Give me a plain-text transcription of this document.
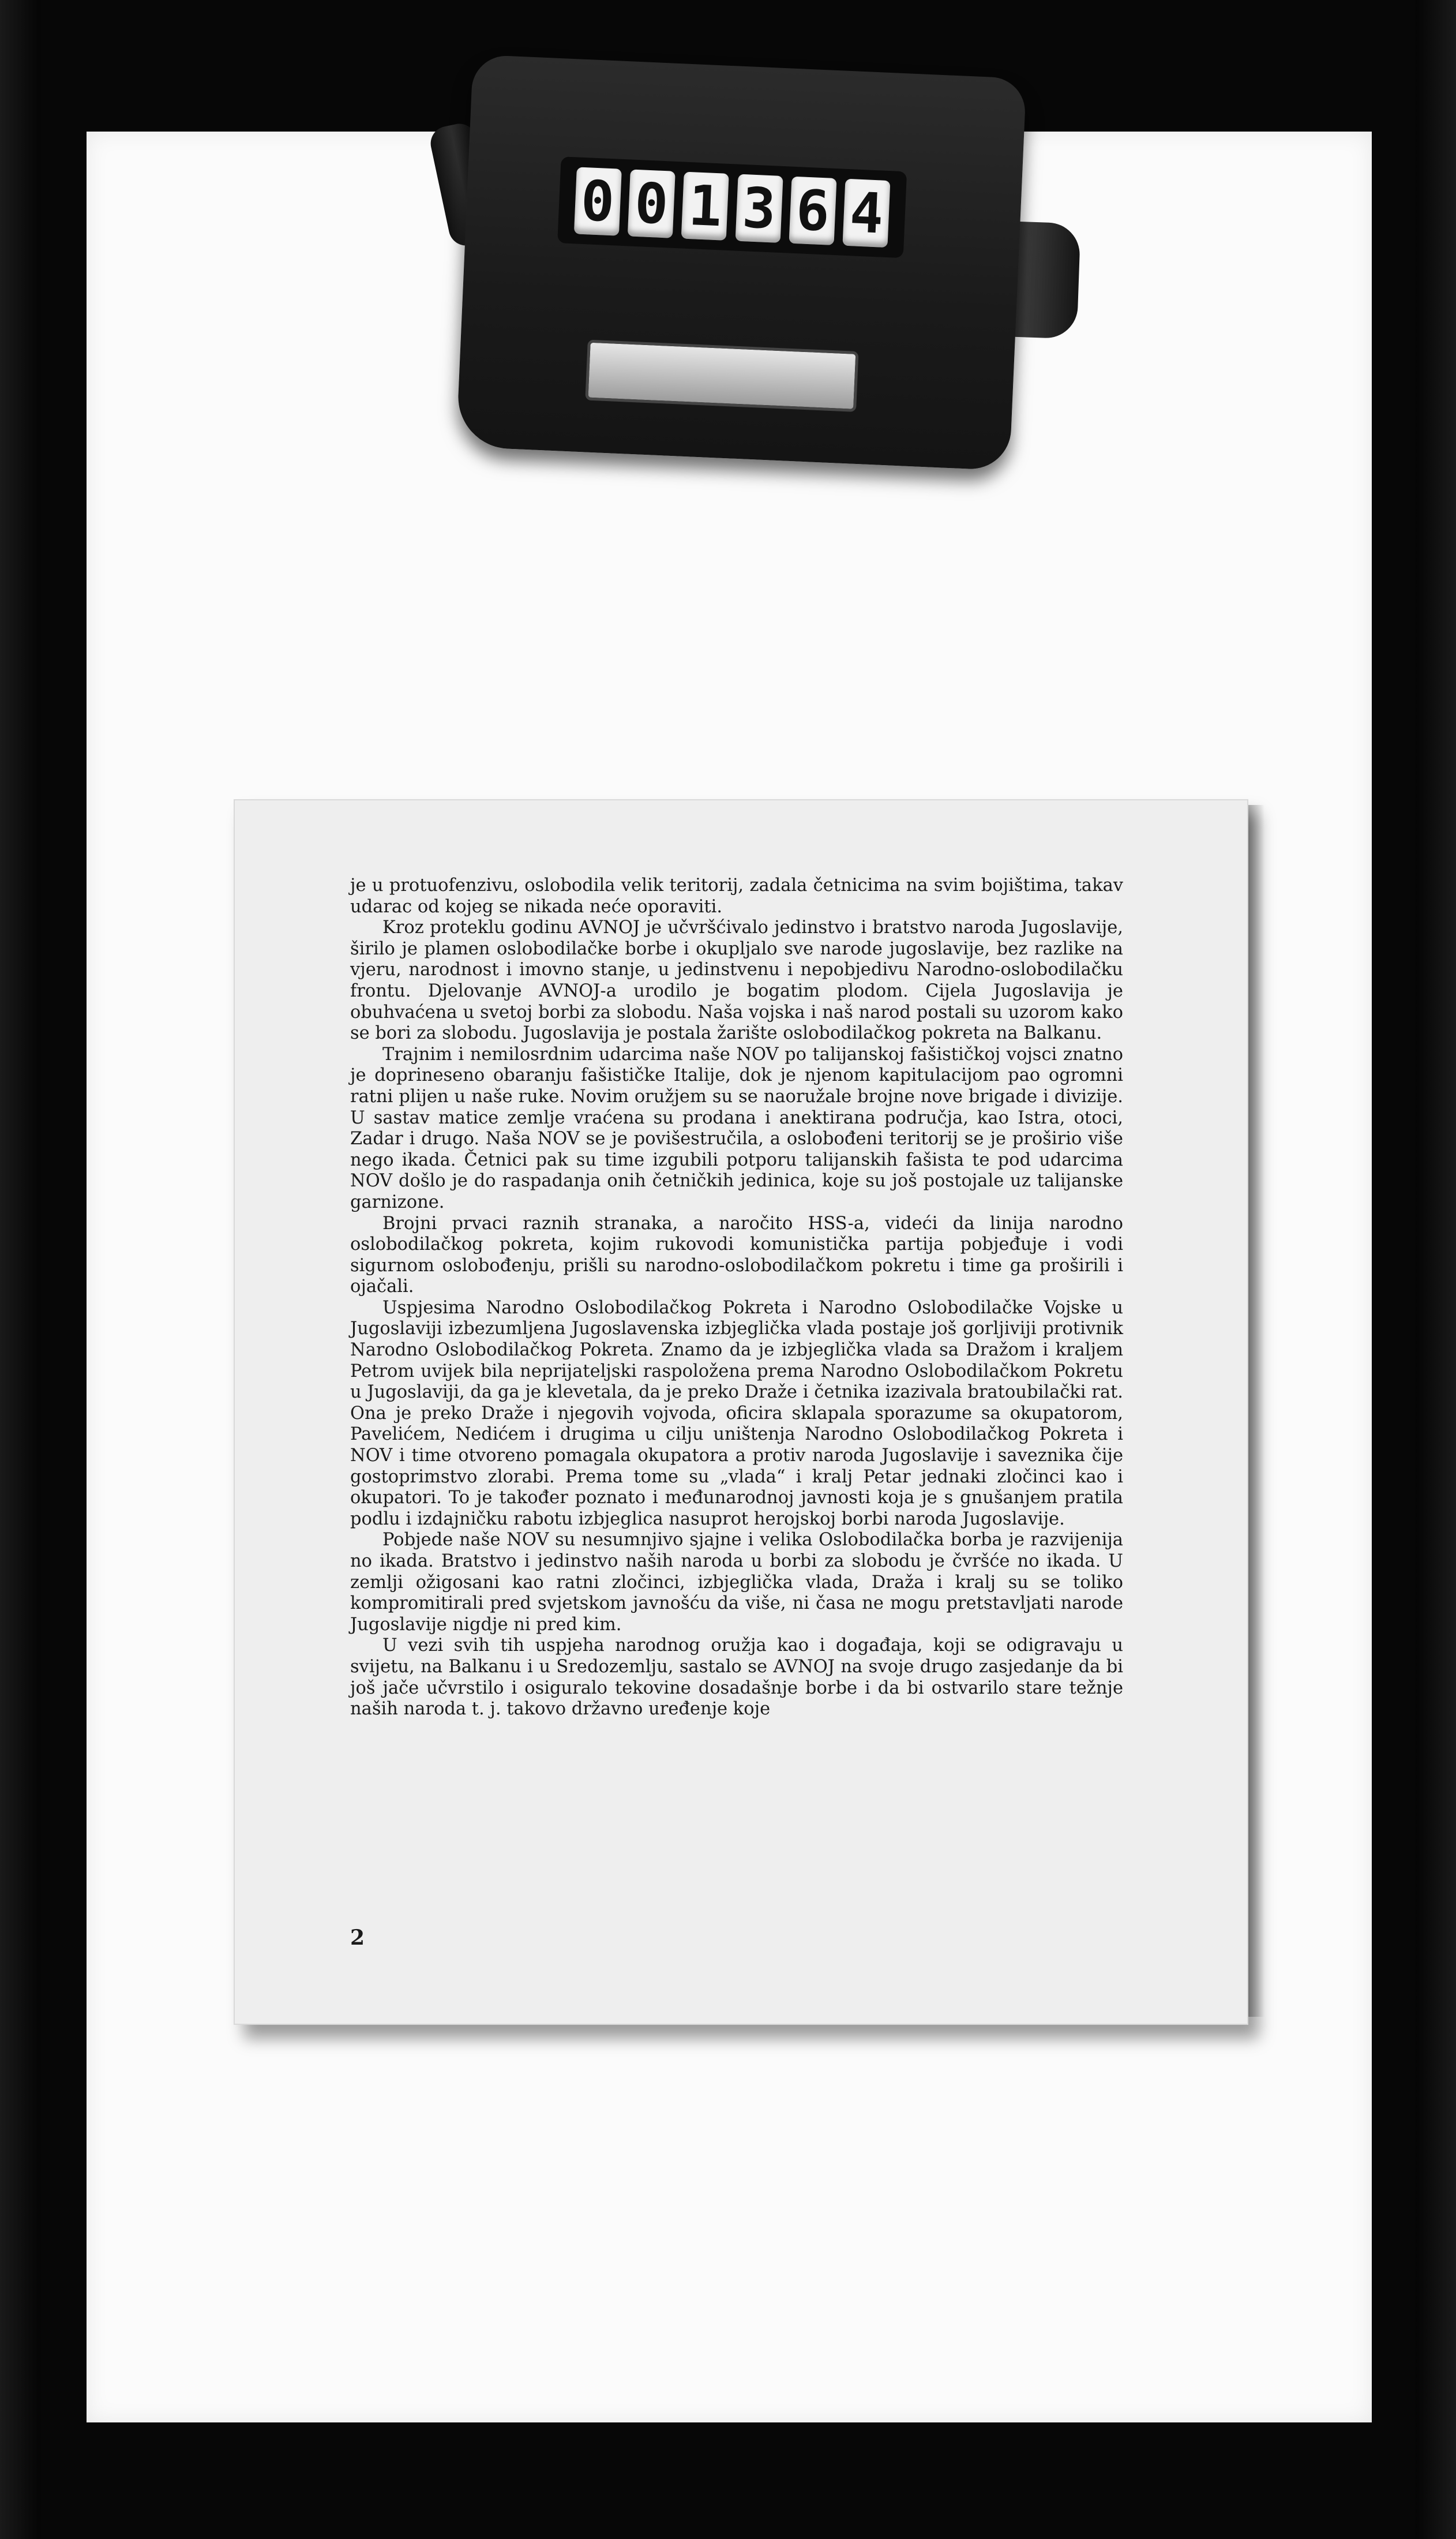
0 0 1 3 6 4

je u protuofenzivu, oslobodila velik teritorij, zadala četnicima na svim bojištima, takav udarac od kojeg se nikada neće oporaviti.

Kroz proteklu godinu AVNOJ je učvršćivalo jedinstvo i bratstvo naroda Jugoslavije, širilo je plamen oslobodilačke borbe i okupljalo sve narode jugoslavije, bez razlike na vjeru, narodnost i imovno stanje, u jedinstvenu i nepobjedivu Narodno-oslobodilačku frontu. Djelovanje AVNOJ-a urodilo je bogatim plodom. Cijela Jugoslavija je obuhvaćena u svetoj borbi za slobodu. Naša vojska i naš narod postali su uzorom kako se bori za slobodu. Jugoslavija je postala žarište oslobodilačkog pokreta na Balkanu.

Trajnim i nemilosrdnim udarcima naše NOV po talijanskoj fašističkoj vojsci znatno je doprineseno obaranju fašističke Italije, dok je njenom kapitulacijom pao ogromni ratni plijen u naše ruke. Novim oružjem su se naoružale brojne nove brigade i divizije. U sastav matice zemlje vraćena su prodana i anektirana područja, kao Istra, otoci, Zadar i drugo. Naša NOV se je povišestručila, a oslobođeni teritorij se je proširio više nego ikada. Četnici pak su time izgubili potporu talijanskih fašista te pod udarcima NOV došlo je do raspadanja onih četničkih jedinica, koje su još postojale uz talijanske garnizone.

Brojni prvaci raznih stranaka, a naročito HSS-a, videći da linija narodno oslobodilačkog pokreta, kojim rukovodi komunistička partija pobjeđuje i vodi sigurnom oslobođenju, prišli su narodno-oslobodilačkom pokretu i time ga proširili i ojačali.

Uspjesima Narodno Oslobodilačkog Pokreta i Narodno Oslobodilačke Vojske u Jugoslaviji izbezumljena Jugoslavenska izbjeglička vlada postaje još gorljiviji protivnik Narodno Oslobodilačkog Pokreta. Znamo da je izbjeglička vlada sa Dražom i kraljem Petrom uvijek bila neprijateljski raspoložena prema Narodno Oslobodilačkom Pokretu u Jugoslaviji, da ga je klevetala, da je preko Draže i četnika izazivala bratoubilački rat. Ona je preko Draže i njegovih vojvoda, oficira sklapala sporazume sa okupatorom, Pavelićem, Nedićem i drugima u cilju uništenja Narodno Oslobodilačkog Pokreta i NOV i time otvoreno pomagala okupatora a protiv naroda Jugoslavije i saveznika čije gostoprimstvo zlorabi. Prema tome su „vlada“ i kralj Petar jednaki zločinci kao i okupatori. To je također poznato i međunarodnoj javnosti koja je s gnušanjem pratila podlu i izdajničku rabotu izbjeglica nasuprot herojskoj borbi naroda Jugoslavije.

Pobjede naše NOV su nesumnjivo sjajne i velika Oslobodilačka borba je razvijenija no ikada. Bratstvo i jedinstvo naših naroda u borbi za slobodu je čvršće no ikada. U zemlji ožigosani kao ratni zločinci, izbjeglička vlada, Draža i kralj su se toliko kompromitirali pred svjetskom javnošću da više, ni časa ne mogu pretstavljati narode Jugoslavije nigdje ni pred kim.

U vezi svih tih uspjeha narodnog oružja kao i događaja, koji se odigravaju u svijetu, na Balkanu i u Sredozemlju, sastalo se AVNOJ na svoje drugo zasjedanje da bi još jače učvrstilo i osiguralo tekovine dosadašnje borbe i da bi ostvarilo stare težnje naših naroda t. j. takovo državno uređenje koje

2
